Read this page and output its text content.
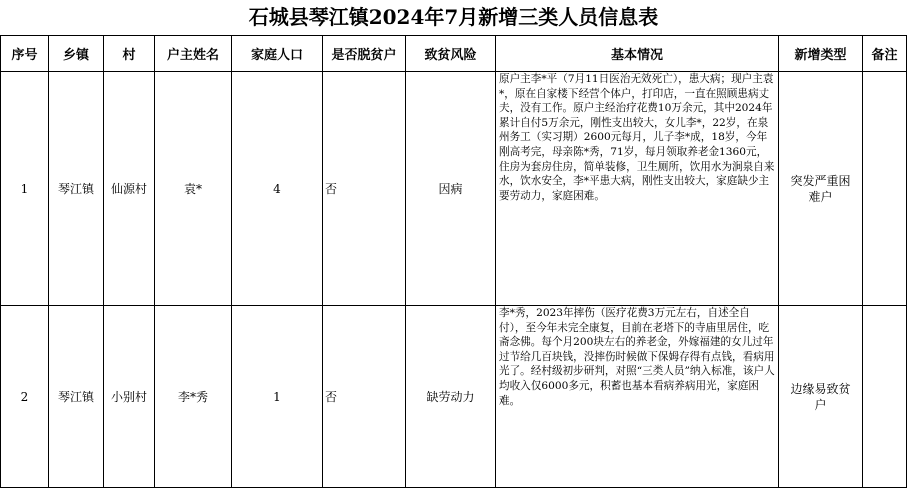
石城县琴江镇2024年7月新增三类人员信息表
序号	乡镇	村	户主姓名	家庭人口	是否脱贫户	致贫风险	基本情况	新增类型	备注
1	琴江镇	仙源村	袁*	4	否	因病	原户主李*平（7月11日医治无效死亡），患大病；现户主袁*，原在自家楼下经营个体户，打印店，一直在照顾患病丈夫，没有工作。原户主经治疗花费10万余元，其中2024年累计自付5万余元，刚性支出较大，女儿李*，22岁，在泉州务工（实习期）2600元每月，儿子李*成，18岁，今年刚高考完，母亲陈*秀，71岁，每月领取养老金1360元，住房为套房住房，简单装修，卫生厕所，饮用水为涧泉自来水，饮水安全，李*平患大病，刚性支出较大，家庭缺少主要劳动力，家庭困难。	突发严重困难户	
2	琴江镇	小别村	李*秀	1	否	缺劳动力	李*秀，2023年摔伤（医疗花费3万元左右，自述全自付），至今年未完全康复，目前在老塔下的寺庙里居住，吃斋念佛。每个月200块左右的养老金，外嫁福建的女儿过年过节给几百块钱，没摔伤时候做下保姆存得有点钱，看病用光了。经村级初步研判，对照“三类人员”纳入标准，该户人均收入仅6000多元，积蓄也基本看病养病用光，家庭困难。	边缘易致贫户	
